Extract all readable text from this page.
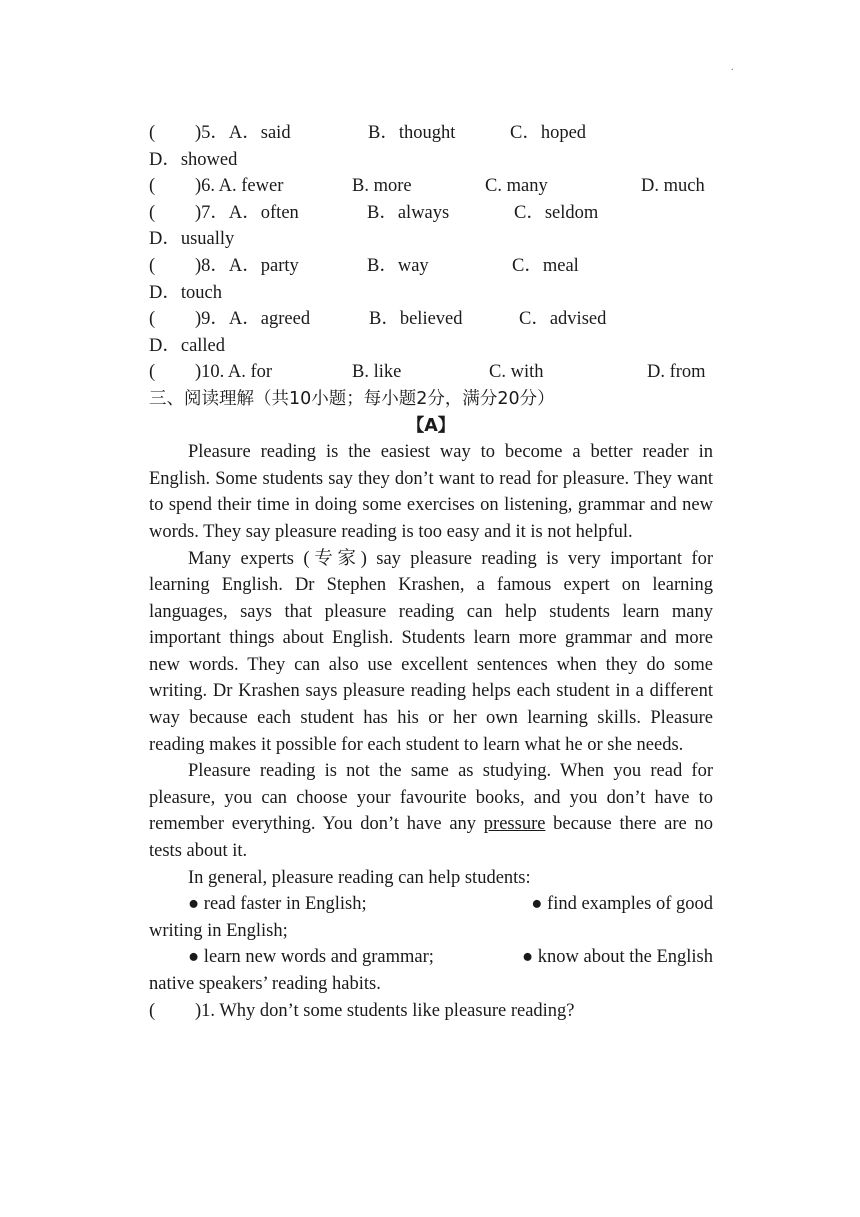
.
( )5．A．said	B．thought	C．hoped
D．showed
( )6. A. fewer	B. more	C. many	D. much
( )7．A．often	B．always	C．seldom
D．usually
( )8．A．party	B．way	C．meal
D．touch
( )9．A．agreed	B．believed	C．advised
D．called
( )10. A. for	B. like	C. with	D. from
三、阅读理解（共10小题；每小题2分，满分20分）
【A】

Pleasure reading is the easiest way to become a better reader in English. Some students say they don’t want to read for pleasure. They want to spend their time in doing some exercises on listening, grammar and new words. They say pleasure reading is too easy and it is not helpful.

Many experts (专家) say pleasure reading is very important for learning English. Dr Stephen Krashen, a famous expert on learning languages, says that pleasure reading can help students learn many important things about English. Students learn more grammar and more new words. They can also use excellent sentences when they do some writing. Dr Krashen says pleasure reading helps each student in a different way because each student has his or her own learning skills. Pleasure reading makes it possible for each student to learn what he or she needs.

Pleasure reading is not the same as studying. When you read for pleasure, you can choose your favourite books, and you don’t have to remember everything. You don’t have any pressure because there are no tests about it.

In general, pleasure reading can help students:

● read faster in English;	● find examples of good
writing in English;
● learn new words and grammar;	● know about the English
native speakers’ reading habits.
( )1. Why don’t some students like pleasure reading?
